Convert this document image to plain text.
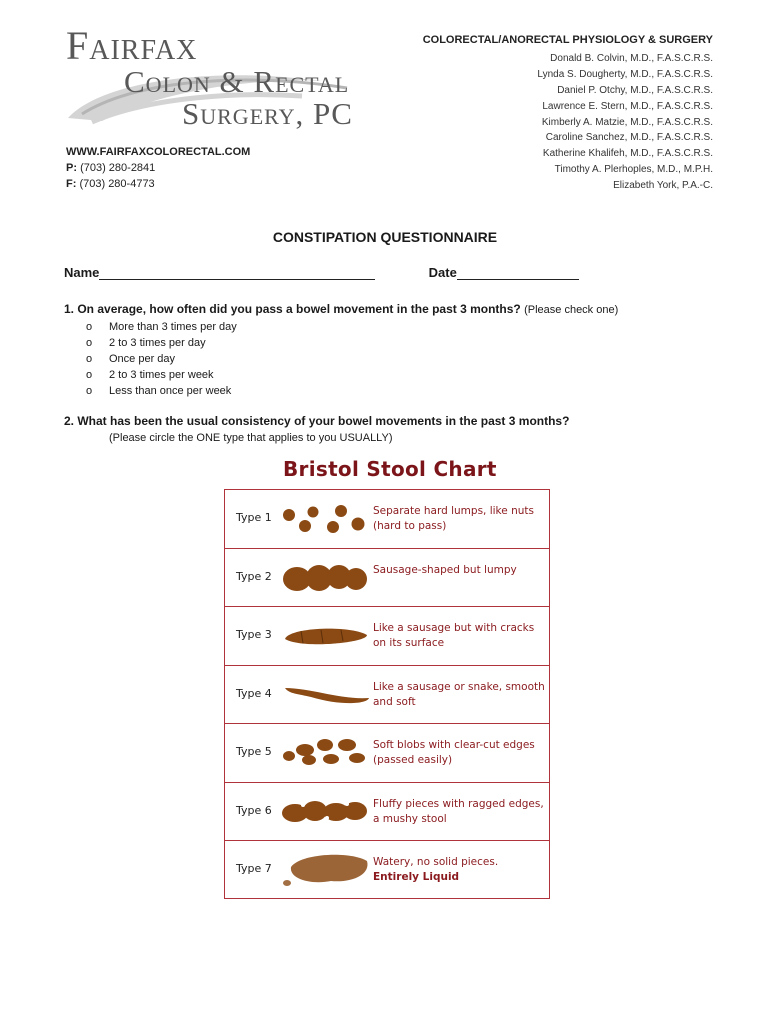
Fairfax
Colon & Rectal
Surgery, PC
WWW.FAIRFAXCOLORECTAL.COM
P: (703) 280-2841
F: (703) 280-4773
COLORECTAL/ANORECTAL PHYSIOLOGY & SURGERY
Donald B. Colvin, M.D., F.A.S.C.R.S.
Lynda S. Dougherty, M.D., F.A.S.C.R.S.
Daniel P. Otchy, M.D., F.A.S.C.R.S.
Lawrence E. Stern, M.D., F.A.S.C.R.S.
Kimberly A. Matzie, M.D., F.A.S.C.R.S.
Caroline Sanchez, M.D., F.A.S.C.R.S.
Katherine Khalifeh, M.D., F.A.S.C.R.S.
Timothy A. Plerhoples, M.D., M.P.H.
Elizabeth York, P.A.-C.
CONSTIPATION QUESTIONNAIRE
Name	Date
1. On average, how often did you pass a bowel movement in the past 3 months? (Please check one)
o	More than 3 times per day
o	2 to 3 times per day
o	Once per day
o	2 to 3 times per week
o	Less than once per week
2. What has been the usual consistency of your bowel movements in the past 3 months?
(Please circle the ONE type that applies to you USUALLY)
Bristol Stool Chart
Type 1	Separate hard lumps, like nuts (hard to pass)
Type 2	Sausage-shaped but lumpy
Type 3	Like a sausage but with cracks on its surface
Type 4	Like a sausage or snake, smooth and soft
Type 5	Soft blobs with clear-cut edges (passed easily)
Type 6	Fluffy pieces with ragged edges, a mushy stool
Type 7	Watery, no solid pieces.
Entirely Liquid
